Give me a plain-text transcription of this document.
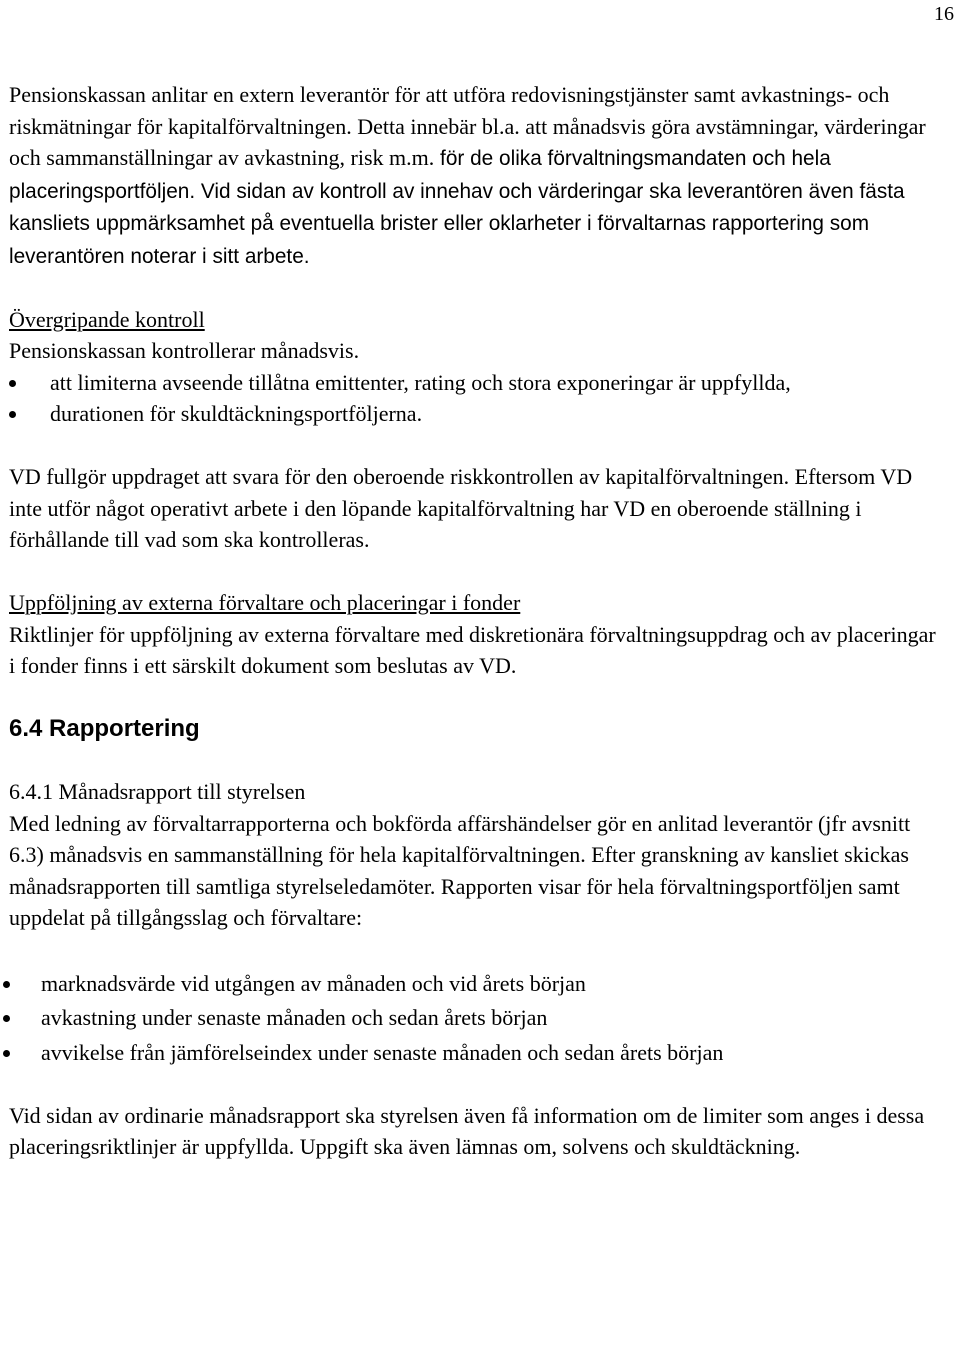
16

Pensionskassan anlitar en extern leverantör för att utföra redovisningstjänster samt avkastnings- och riskmätningar för kapitalförvaltningen. Detta innebär bl.a. att månadsvis göra avstämningar, värderingar och sammanställningar av avkastning, risk m.m. för de olika förvaltningsmandaten och hela placeringsportföljen. Vid sidan av kontroll av innehav och värderingar ska leverantören även fästa kansliets uppmärksamhet på eventuella brister eller oklarheter i förvaltarnas rapportering som leverantören noterar i sitt arbete.

Övergripande kontroll

Pensionskassan kontrollerar månadsvis.

att limiterna avseende tillåtna emittenter, rating och stora exponeringar är uppfyllda,
durationen för skuldtäckningsportföljerna.

VD fullgör uppdraget att svara för den oberoende riskkontrollen av kapitalförvaltningen. Eftersom VD inte utför något operativt arbete i den löpande kapitalförvaltning har VD en oberoende ställning i förhållande till vad som ska kontrolleras.

Uppföljning av externa förvaltare och placeringar i fonder

Riktlinjer för uppföljning av externa förvaltare med diskretionära förvaltningsuppdrag och av placeringar i fonder finns i ett särskilt dokument som beslutas av VD.

6.4 Rapportering

6.4.1 Månadsrapport till styrelsen

Med ledning av förvaltarrapporterna och bokförda affärshändelser gör en anlitad leverantör (jfr avsnitt 6.3) månadsvis en sammanställning för hela kapitalförvaltningen. Efter granskning av kansliet skickas månadsrapporten till samtliga styrelseledamöter. Rapporten visar för hela förvaltningsportföljen samt uppdelat på tillgångsslag och förvaltare:

marknadsvärde vid utgången av månaden och vid årets början
avkastning under senaste månaden och sedan årets början
avvikelse från jämförelseindex under senaste månaden och sedan årets början

Vid sidan av ordinarie månadsrapport ska styrelsen även få information om de limiter som anges i dessa placeringsriktlinjer är uppfyllda. Uppgift ska även lämnas om, solvens och skuldtäckning.
